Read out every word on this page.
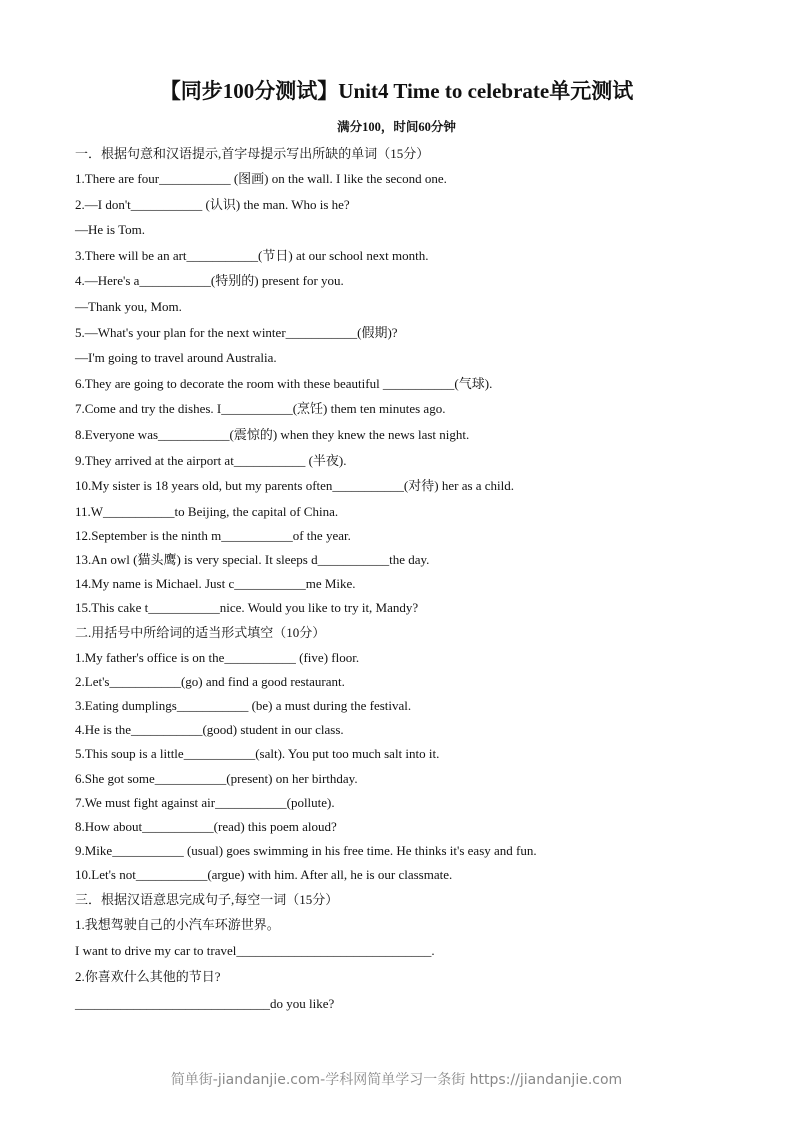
【同步100分测试】Unit4 Time to celebrate单元测试
满分100，时间60分钟
一．根据句意和汉语提示,首字母提示写出所缺的单词（15分）
1.There are four___________ (图画) on the wall. I like the second one.
2.—I don't___________ (认识) the man. Who is he?
—He is Tom.
3.There will be an art___________(节日) at our school next month.
4.—Here's a___________(特别的) present for you.
—Thank you, Mom.
5.—What's your plan for the next winter___________(假期)?
—I'm going to travel around Australia.
6.They are going to decorate the room with these beautiful ___________(气球).
7.Come and try the dishes. I___________(烹饪) them ten minutes ago.
8.Everyone was___________(震惊的) when they knew the news last night.
9.They arrived at the airport at___________ (半夜).
10.My sister is 18 years old, but my parents often___________(对待) her as a child.
11.W___________to Beijing, the capital of China.
12.September is the ninth m___________of the year.
13.An owl (猫头鹰) is very special. It sleeps d___________the day.
14.My name is Michael. Just c___________me Mike.
15.This cake t___________nice. Would you like to try it, Mandy?
二.用括号中所给词的适当形式填空（10分）
1.My father's office is on the___________ (five) floor.
2.Let's___________(go) and find a good restaurant.
3.Eating dumplings___________ (be) a must during the festival.
4.He is the___________(good) student in our class.
5.This soup is a little___________(salt). You put too much salt into it.
6.She got some___________(present) on her birthday.
7.We must fight against air___________(pollute).
8.How about___________(read) this poem aloud?
9.Mike___________ (usual) goes swimming in his free time. He thinks it's easy and fun.
10.Let's not___________(argue) with him. After all, he is our classmate.
三．根据汉语意思完成句子,每空一词（15分）
1.我想驾驶自己的小汽车环游世界。
I want to drive my car to travel______________________________.
2.你喜欢什么其他的节日?
______________________________do you like?
简单街-jiandanjie.com-学科网简单学习一条街 https://jiandanjie.com
